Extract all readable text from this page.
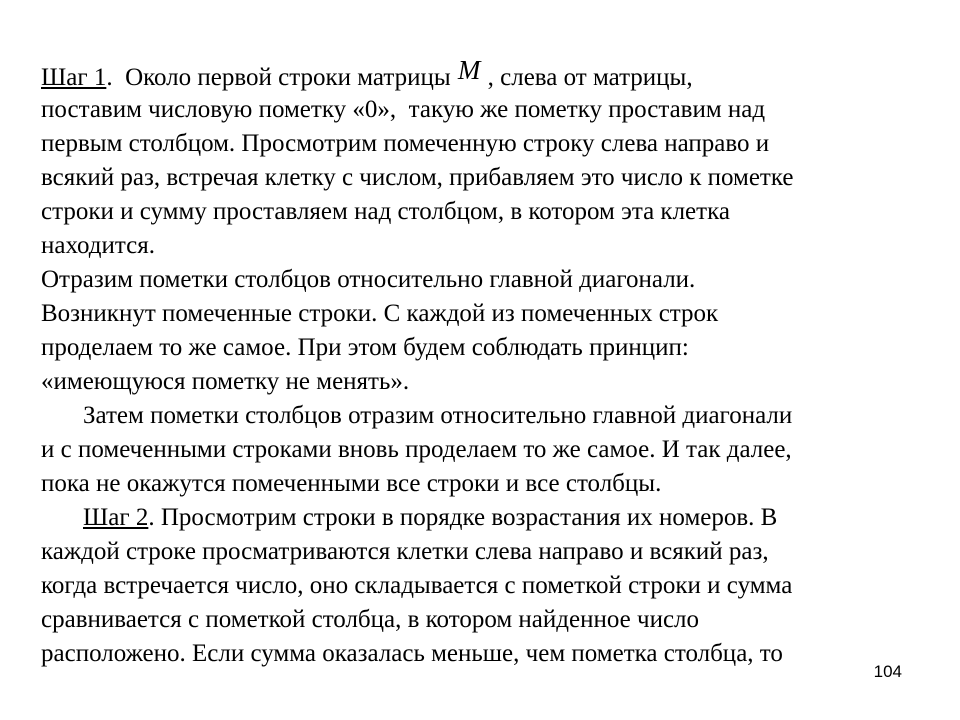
Шаг 1.  Около первой строки матрицы M , слева от матрицы,
поставим числовую пометку «0»,  такую же пометку проставим над
первым столбцом. Просмотрим помеченную строку слева направо и
всякий раз, встречая клетку с числом, прибавляем это число к пометке
строки и сумму проставляем над столбцом, в котором эта клетка
находится.
Отразим пометки столбцов относительно главной диагонали.
Возникнут помеченные строки. С каждой из помеченных строк
проделаем то же самое. При этом будем соблюдать принцип:
«имеющуюся пометку не менять».
Затем пометки столбцов отразим относительно главной диагонали
и с помеченными строками вновь проделаем то же самое. И так далее,
пока не окажутся помеченными все строки и все столбцы.
Шаг 2. Просмотрим строки в порядке возрастания их номеров. В
каждой строке просматриваются клетки слева направо и всякий раз,
когда встречается число, оно складывается с пометкой строки и сумма
сравнивается с пометкой столбца, в котором найденное число
расположено. Если сумма оказалась меньше, чем пометка столбца, то
104
